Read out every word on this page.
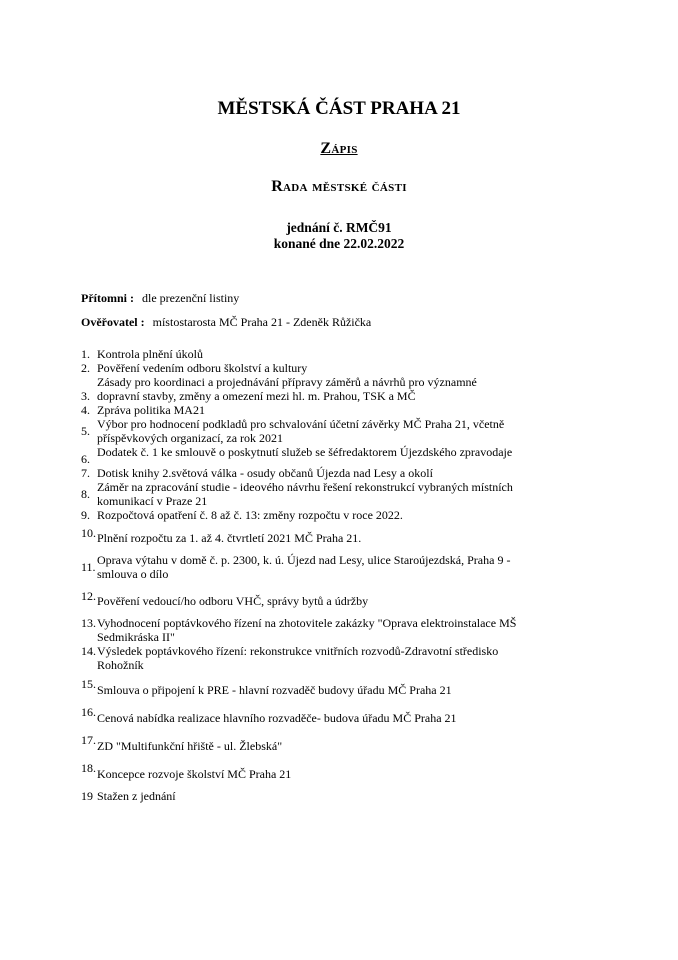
MĚSTSKÁ ČÁST PRAHA 21
Zápis
Rada městské části
jednání č. RMČ91
konané dne 22.02.2022
Přítomni : dle prezenční listiny
Ověřovatel : místostarosta MČ Praha 21 - Zdeněk Růžička
1. Kontrola plnění úkolů
2. Pověření vedením odboru školství a kultury
3.
Zásady pro koordinaci a projednávání přípravy záměrů a návrhů pro významné dopravní stavby, změny a omezení mezi hl. m. Prahou, TSK a MČ
4. Zpráva politika MA21
5. Výbor pro hodnocení podkladů pro schvalování účetní závěrky MČ Praha 21, včetně příspěvkových organizací, za rok 2021
6. Dodatek č. 1 ke smlouvě o poskytnutí služeb se šéfredaktorem Újezdského zpravodaje
7. Dotisk knihy 2.světová válka - osudy občanů Újezda nad Lesy a okolí
8. Záměr na zpracování studie - ideového návrhu řešení rekonstrukcí vybraných místních komunikací v Praze 21
9. Rozpočtová opatření č. 8 až č. 13: změny rozpočtu v roce 2022.
10. Plnění rozpočtu za 1. až 4. čtvrtletí 2021 MČ Praha 21.
11. Oprava výtahu v domě č. p. 2300, k. ú. Újezd nad Lesy, ulice Staroújezdská, Praha 9 - smlouva o dílo
12. Pověření vedoucí/ho odboru VHČ, správy bytů a údržby
13. Vyhodnocení poptávkového řízení na zhotovitele zakázky "Oprava elektroinstalace MŠ Sedmikráska II"
14. Výsledek poptávkového řízení: rekonstrukce vnitřních rozvodů-Zdravotní středisko Rohožník
15. Smlouva o připojení k PRE - hlavní rozvaděč budovy úřadu MČ Praha 21
16. Cenová nabídka realizace hlavního rozvaděče- budova úřadu MČ Praha 21
17. ZD "Multifunkční hřiště - ul. Žlebská"
18. Koncepce rozvoje školství MČ Praha 21
19 Stažen z jednání
